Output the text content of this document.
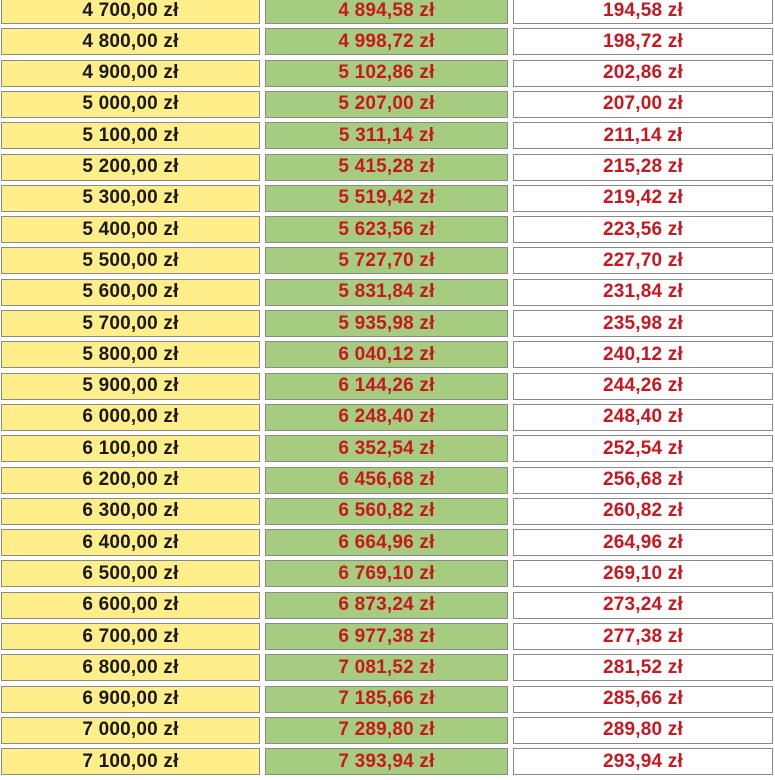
4 700,00 zł	4 894,58 zł	194,58 zł
4 800,00 zł	4 998,72 zł	198,72 zł
4 900,00 zł	5 102,86 zł	202,86 zł
5 000,00 zł	5 207,00 zł	207,00 zł
5 100,00 zł	5 311,14 zł	211,14 zł
5 200,00 zł	5 415,28 zł	215,28 zł
5 300,00 zł	5 519,42 zł	219,42 zł
5 400,00 zł	5 623,56 zł	223,56 zł
5 500,00 zł	5 727,70 zł	227,70 zł
5 600,00 zł	5 831,84 zł	231,84 zł
5 700,00 zł	5 935,98 zł	235,98 zł
5 800,00 zł	6 040,12 zł	240,12 zł
5 900,00 zł	6 144,26 zł	244,26 zł
6 000,00 zł	6 248,40 zł	248,40 zł
6 100,00 zł	6 352,54 zł	252,54 zł
6 200,00 zł	6 456,68 zł	256,68 zł
6 300,00 zł	6 560,82 zł	260,82 zł
6 400,00 zł	6 664,96 zł	264,96 zł
6 500,00 zł	6 769,10 zł	269,10 zł
6 600,00 zł	6 873,24 zł	273,24 zł
6 700,00 zł	6 977,38 zł	277,38 zł
6 800,00 zł	7 081,52 zł	281,52 zł
6 900,00 zł	7 185,66 zł	285,66 zł
7 000,00 zł	7 289,80 zł	289,80 zł
7 100,00 zł	7 393,94 zł	293,94 zł
